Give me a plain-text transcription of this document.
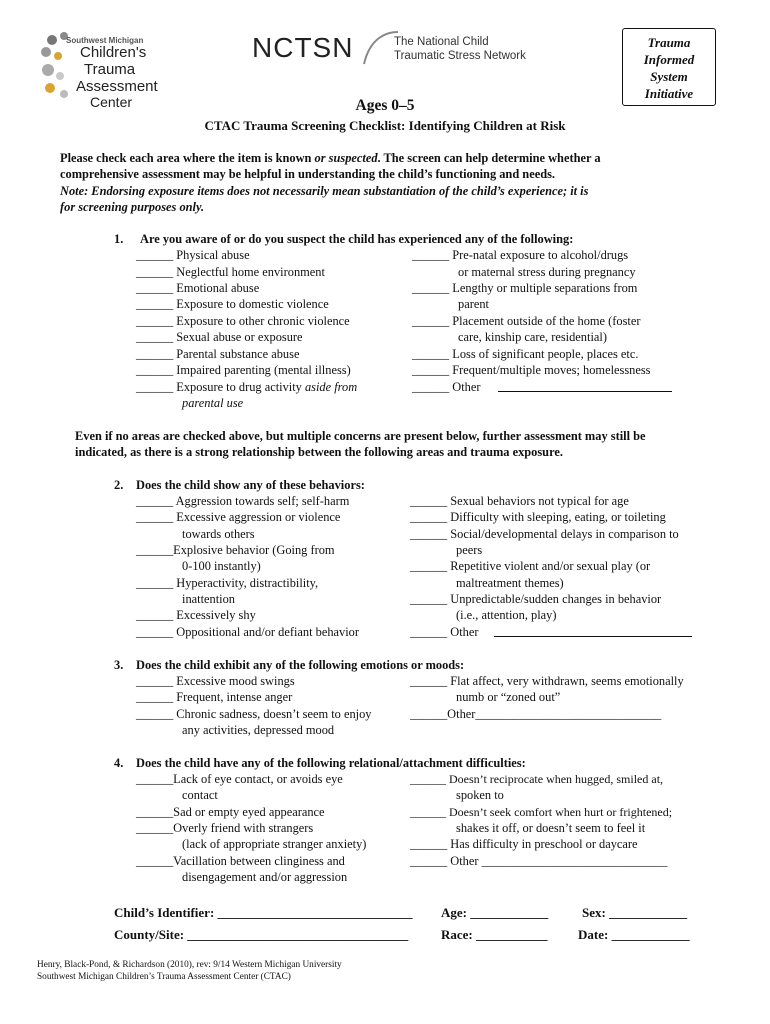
Southwest Michigan
Children's
Trauma
Assessment
Center
NCTSN	The National Child
Traumatic Stress Network
Trauma
Informed
System
Initiative
Ages 0–5
CTAC Trauma Screening Checklist: Identifying Children at Risk
Please check each area where the item is known or suspected. The screen can help determine whether a
comprehensive assessment may be helpful in understanding the child’s functioning and needs.
Note: Endorsing exposure items does not necessarily mean substantiation of the child’s experience; it is
for screening purposes only.
1. Are you aware of or do you suspect the child has experienced any of the following:
______ Physical abuse
______ Neglectful home environment
______ Emotional abuse
______ Exposure to domestic violence
______ Exposure to other chronic violence
______ Sexual abuse or exposure
______ Parental substance abuse
______ Impaired parenting (mental illness)
______ Exposure to drug activity aside from
parental use
______ Pre-natal exposure to alcohol/drugs
or maternal stress during pregnancy
______ Lengthy or multiple separations from
parent
______ Placement outside of the home (foster
care, kinship care, residential)
______ Loss of significant people, places etc.
______ Frequent/multiple moves; homelessness
______ Other
Even if no areas are checked above, but multiple concerns are present below, further assessment may still be
indicated, as there is a strong relationship between the following areas and trauma exposure.
2. Does the child show any of these behaviors:
______ Aggression towards self; self-harm
______ Excessive aggression or violence
towards others
______Explosive behavior (Going from
0-100 instantly)
______ Hyperactivity, distractibility,
inattention
______ Excessively shy
______ Oppositional and/or defiant behavior
______ Sexual behaviors not typical for age
______ Difficulty with sleeping, eating, or toileting
______ Social/developmental delays in comparison to
peers
______ Repetitive violent and/or sexual play (or
maltreatment themes)
______ Unpredictable/sudden changes in behavior
(i.e., attention, play)
______ Other
3. Does the child exhibit any of the following emotions or moods:
______ Excessive mood swings
______ Frequent, intense anger
______ Chronic sadness, doesn’t seem to enjoy
any activities, depressed mood
______ Flat affect, very withdrawn, seems emotionally
numb or “zoned out”
______Other______________________________
4. Does the child have any of the following relational/attachment difficulties:
______Lack of eye contact, or avoids eye
contact
______Sad or empty eyed appearance
______Overly friend with strangers
(lack of appropriate stranger anxiety)
______Vacillation between clinginess and
disengagement and/or aggression
______ Doesn’t reciprocate when hugged, smiled at,
spoken to
______ Doesn’t seek comfort when hurt or frightened;
shakes it off, or doesn’t seem to feel it
______ Has difficulty in preschool or daycare
______ Other ______________________________
Child’s Identifier: ______________________________ Age: ____________	Sex: ____________
County/Site: __________________________________	Race: ___________ Date: ____________
Henry, Black-Pond, & Richardson (2010), rev: 9/14 Western Michigan University
Southwest Michigan Children’s Trauma Assessment Center (CTAC)
